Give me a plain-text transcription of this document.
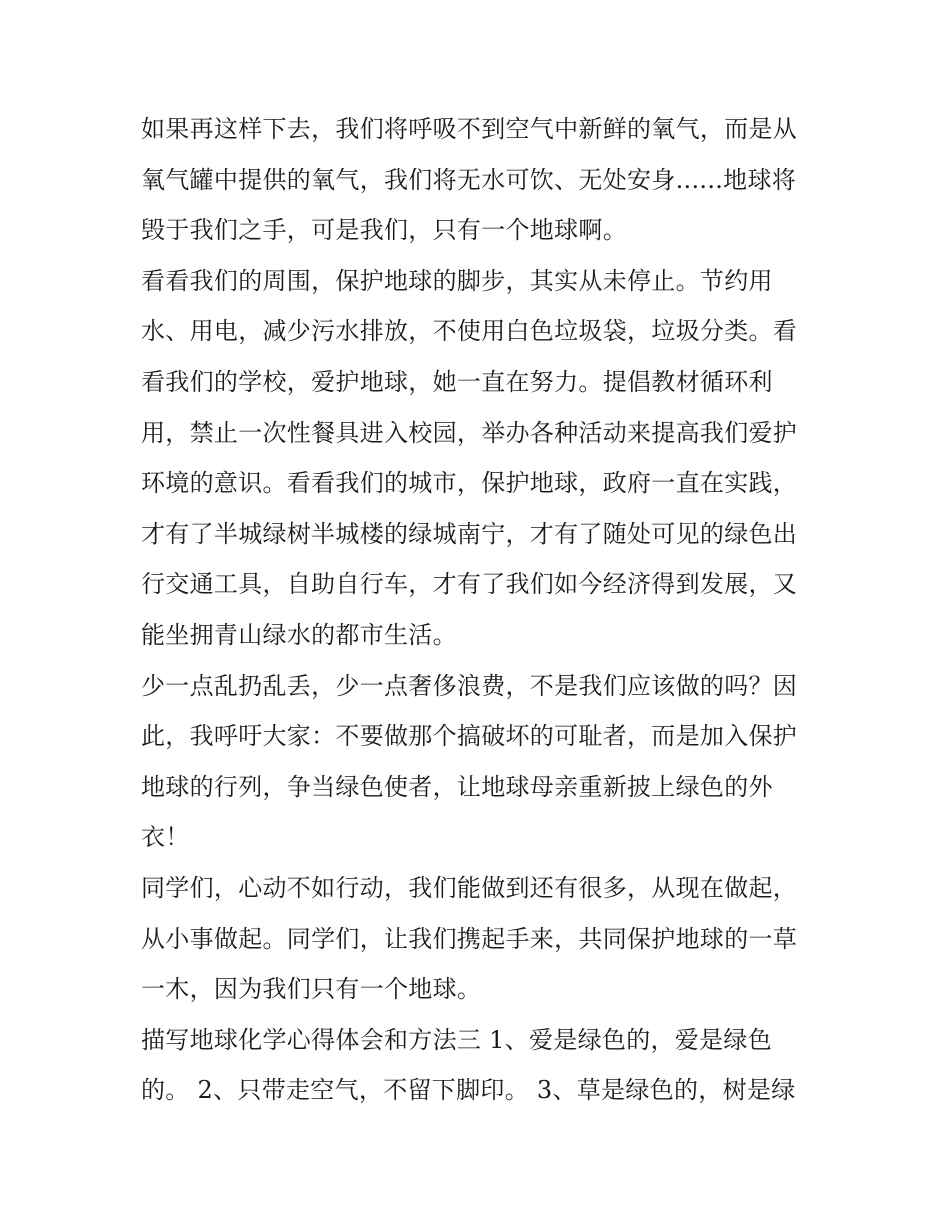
如果再这样下去，我们将呼吸不到空气中新鲜的氧气，而是从
氧气罐中提供的氧气，我们将无水可饮、无处安身......地球将
毁于我们之手，可是我们，只有一个地球啊。
看看我们的周围，保护地球的脚步，其实从未停止。节约用
水、用电，减少污水排放，不使用白色垃圾袋，垃圾分类。看
看我们的学校，爱护地球，她一直在努力。提倡教材循环利
用，禁止一次性餐具进入校园，举办各种活动来提高我们爱护
环境的意识。看看我们的城市，保护地球，政府一直在实践，
才有了半城绿树半城楼的绿城南宁，才有了随处可见的绿色出
行交通工具，自助自行车，才有了我们如今经济得到发展，又
能坐拥青山绿水的都市生活。
少一点乱扔乱丢，少一点奢侈浪费，不是我们应该做的吗？因
此，我呼吁大家：不要做那个搞破坏的可耻者，而是加入保护
地球的行列，争当绿色使者，让地球母亲重新披上绿色的外
衣！
同学们，心动不如行动，我们能做到还有很多，从现在做起，
从小事做起。同学们，让我们携起手来，共同保护地球的一草
一木，因为我们只有一个地球。
描写地球化学心得体会和方法三 1、爱是绿色的，爱是绿色
的。 2、只带走空气，不留下脚印。 3、草是绿色的，树是绿
